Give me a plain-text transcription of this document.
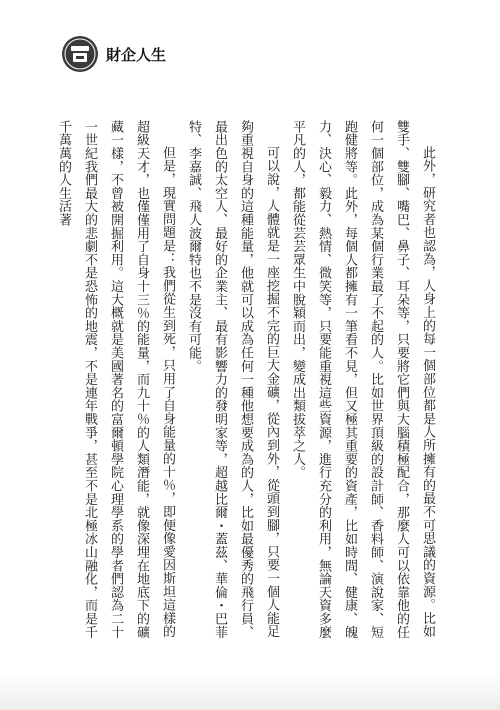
財企人生

此外，研究者也認為，人身上的每一個部位都是人所擁有的最不可思議的資源。比如雙手、雙腳、嘴巴、鼻子、耳朵等，只要將它們與大腦積極配合，那麼人可以依靠他的任何一個部位，成為某個行業最了不起的人。比如世界頂級的設計師、香料師、演說家、短跑健將等。此外，每個人都擁有一筆看不見，但又極其重要的資產，比如時間、健康、魄力、決心、毅力、熱情、微笑等，只要能重視這些資源，進行充分的利用，無論天資多麼平凡的人，都能從芸芸眾生中脫穎而出，變成出類拔萃之人。

可以說，人體就是一座挖掘不完的巨大金礦，從內到外，從頭到腳，只要一個人能足夠重視自身的這種能量，他就可以成為任何一種他想要成為的人，比如最優秀的飛行員、最出色的太空人、最好的企業主、最有影響力的發明家等，超越比爾・蓋茲、華倫・巴菲特、李嘉誠、飛人波爾特也不是沒有可能。

但是，現實問題是：我們從生到死，只用了自身能量的十％，即便像愛因斯坦這樣的超級天才，也僅僅用了自身十三％的能量，而九十％的人類潛能，就像深埋在地底下的礦藏一樣，不曾被開掘利用。這大概就是美國著名的富爾頓學院心理學系的學者們認為二十一世紀我們最大的悲劇不是恐怖的地震，不是連年戰爭，甚至不是北極冰山融化，而是千千萬萬的人生活著
